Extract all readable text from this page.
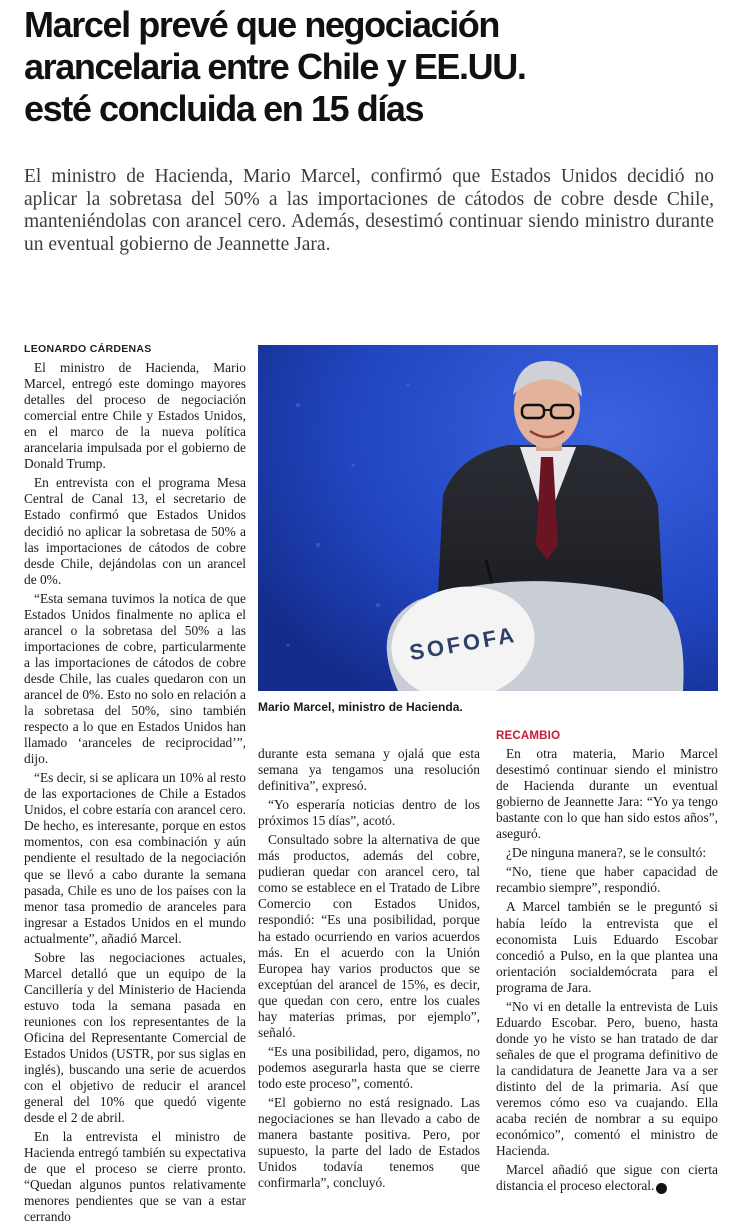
Marcel prevé que negociación
arancelaria entre Chile y EE.UU.
esté concluida en 15 días
El ministro de Hacienda, Mario Marcel, confirmó que Estados Unidos decidió no aplicar la sobretasa del 50% a las importaciones de cátodos de cobre desde Chile, manteniéndolas con arancel cero. Además, desestimó continuar siendo ministro durante un eventual gobierno de Jeannette Jara.
LEONARDO CÁRDENAS

El ministro de Hacienda, Mario Marcel, entregó este domingo mayores detalles del proceso de negociación comercial entre Chile y Estados Unidos, en el marco de la nueva política arancelaria impulsada por el gobierno de Donald Trump.

En entrevista con el programa Mesa Central de Canal 13, el secretario de Estado confirmó que Estados Unidos decidió no aplicar la sobretasa de 50% a las importaciones de cátodos de cobre desde Chile, dejándolas con un arancel de 0%.

“Esta semana tuvimos la notica de que Estados Unidos finalmente no aplica el arancel o la sobretasa del 50% a las importaciones de cobre, particularmente a las importaciones de cátodos de cobre desde Chile, las cuales quedaron con un arancel de 0%. Esto no solo en relación a la sobretasa del 50%, sino también respecto a lo que en Estados Unidos han llamado ‘aranceles de reciprocidad’”, dijo.

“Es decir, si se aplicara un 10% al resto de las exportaciones de Chile a Estados Unidos, el cobre estaría con arancel cero. De hecho, es interesante, porque en estos momentos, con esa combinación y aún pendiente el resultado de la negociación que se llevó a cabo durante la semana pasada, Chile es uno de los países con la menor tasa promedio de aranceles para ingresar a Estados Unidos en el mundo actualmente”, añadió Marcel.

Sobre las negociaciones actuales, Marcel detalló que un equipo de la Cancillería y del Ministerio de Hacienda estuvo toda la semana pasada en reuniones con los representantes de la Oficina del Representante Comercial de Estados Unidos (USTR, por sus siglas en inglés), buscando una serie de acuerdos con el objetivo de reducir el arancel general del 10% que quedó vigente desde el 2 de abril.

En la entrevista el ministro de Hacienda entregó también su expectativa de que el proceso se cierre pronto. “Quedan algunos puntos relativamente menores pendientes que se van a estar cerrando

SOFOFA
Mario Marcel, ministro de Hacienda.

durante esta semana y ojalá que esta semana ya tengamos una resolución definitiva”, expresó.

“Yo esperaría noticias dentro de los próximos 15 días”, acotó.

Consultado sobre la alternativa de que más productos, además del cobre, pudieran quedar con arancel cero, tal como se establece en el Tratado de Libre Comercio con Estados Unidos, respondió: “Es una posibilidad, porque ha estado ocurriendo en varios acuerdos más. En el acuerdo con la Unión Europea hay varios productos que se exceptúan del arancel de 15%, es decir, que quedan con cero, entre los cuales hay materias primas, por ejemplo”, señaló.

“Es una posibilidad, pero, digamos, no podemos asegurarla hasta que se cierre todo este proceso”, comentó.

“El gobierno no está resignado. Las negociaciones se han llevado a cabo de manera bastante positiva. Pero, por supuesto, la parte del lado de Estados Unidos todavía tenemos que confirmarla”, concluyó.

RECAMBIO

En otra materia, Mario Marcel desestimó continuar siendo el ministro de Hacienda durante un eventual gobierno de Jeannette Jara: “Yo ya tengo bastante con lo que han sido estos años”, aseguró.

¿De ninguna manera?, se le consultó:

“No, tiene que haber capacidad de recambio siempre”, respondió.

A Marcel también se le preguntó si había leído la entrevista que el economista Luis Eduardo Escobar concedió a Pulso, en la que plantea una orientación socialdemócrata para el programa de Jara.

“No vi en detalle la entrevista de Luis Eduardo Escobar. Pero, bueno, hasta donde yo he visto se han tratado de dar señales de que el programa definitivo de la candidatura de Jeanette Jara va a ser distinto del de la primaria. Así que veremos cómo eso va cuajando. Ella acaba recién de nombrar a su equipo económico”, comentó el ministro de Hacienda.

Marcel añadió que sigue con cierta distancia el proceso electoral. P
